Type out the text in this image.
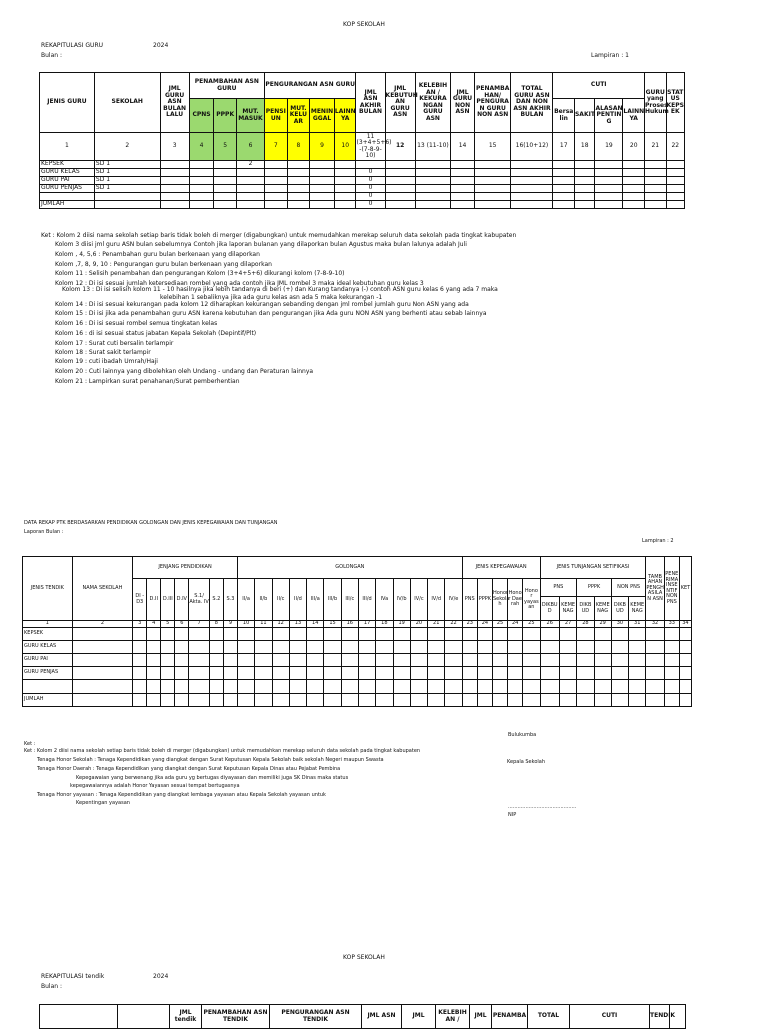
KOP SEKOLAH
REKAPITULASI GURU	2024
Bulan :	Lampiran : 1
JENIS GURU	SEKOLAH	JML GURU ASN BULAN LALU	PENAMBAHAN ASN GURU			PENGURANGAN ASN GURU				JML ASN AKHIR BULAN	JML KEBUTUH AN GURU ASN	KELEBIH AN / KEKURA NGAN GURU ASN	JML GURU NON ASN	PENAMBA HAN/ PENGURA N GURU NON ASN	TOTAL GURU ASN DAN NON ASN AKHIR BULAN	CUTI				GURU yang Proses Hukum	STAT US KEPS EK
			CPNS	PPPK	MUT. MASUK	PENSI UN	MUT. KELU AR	MENIN GGAL	LAINN YA							Bersa lin	SAKIT	ALASAN PENTIN G	LAINN YA		
1	2	3	4	5	6	7	8	9	10	11 (3+4+5+6) -(7-8-9-10)	12	13 (11-10)	14	15	16(10+12)	17	18	19	20	21	22
KEPSEK	SD 1				2																
GURU KELAS	SD 1									0											
GURU PAI	SD 1									0											
GURU PENJAS	SD 1									0											
										0											
JUMLAH										0											
Ket : Kolom 2 diisi nama sekolah setiap baris tidak boleh di merger (digabungkan) untuk memudahkan merekap seluruh data sekolah pada tingkat kabupaten
Kolom 3 diisi jml guru ASN bulan sebelumnya Contoh jika laporan bulanan yang dilaporkan bulan Agustus maka bulan lalunya adalah Juli
Kolom , 4, 5,6 : Penambahan guru bulan berkenaan yang dilaporkan
Kolom ,7, 8, 9, 10 : Pengurangan guru bulan berkenaan yang dilaporkan
Kolom 11 : Selisih penambahan dan pengurangan Kolom (3+4+5+6) dikurangi kolom (7-8-9-10)
Kolom 12 : Di isi sesuai jumlah ketersediaan rombel yang ada contoh jika JML rombel 3 maka ideal kebutuhan guru kelas 3
Kolom 13 : Di isi selisih kolom 11 - 10 hasilnya jika lebih tandanya di beri (+) dan Kurang tandanya (-) contoh ASN guru kelas 6 yang ada 7 maka
kelebihan 1 sebaliknya jika ada guru kelas asn ada 5 maka kekurangan -1
Kolom 14 : Di isi sesuai kekurangan pada kolom 12 diharapkan kekurangan sebanding dengan jml rombel jumlah guru Non ASN yang ada
Kolom 15 : Di isi jika ada penambahan guru ASN karena kebutuhan dan pengurangan jika Ada guru NON ASN yang berhenti atau sebab lainnya
Kolom 16 : Di isi sesuai rombel semua tingkatan kelas
Kolom 16 : di isi sesuai status jabatan Kepala Sekolah (Depintif/Plt)
Kolom 17 : Surat cuti bersalin terlampir
Kolom 18 : Surat sakit terlampir
Kolom 19 : cuti ibadah Umrah/Haji
Kolom 20 : Cuti lainnya yang dibolehkan oleh Undang - undang dan Peraturan lainnya
Kolom 21 : Lampirkan surat penahanan/Surat pemberhentian
DATA REKAP PTK BERDASARKAN PENDIDIKAN GOLONGAN DAN JENIS KEPEGAWAIAN DAN TUNJANGAN
Laporan Bulan :
Lampiran : 2
JENIS TENDIK	NAMA SEKOLAH	JENJANG PENDIDIKAN							GOLONGAN													JENIS KEPEGAWAIAN					JENIS TUNJANGAN SETIFIKASI						TAMB AHAN PENGH ASILA N ASN	PENE RIMA INSE NTIF NON PNS	KET
		DI - D3	D.II	D.III	D.IV	S.1/ Akta. IV	S.2	S.3	II/a	II/b	II/c	II/d	III/a	III/b	III/c	III/d	IVa	IV/b	IV/c	IV/d	IV/e	PNS	PPPK	Honor Sekola h	Hono r Dae rah	Hono r yayas an	PNS		PPPK		NON PNS				
																											DIKBU D	KEME NAG	DIKB UD	KEME NAG	DIKB UD	KEME NAG			
1	2	3	4	5	6	7	8	9	10	11	12	13	14	15	16	17	18	19	20	21	22	23	24	25	24	25	26	27	28	29	30	31	32	33	34
KEPSEK																																			
GURU KELAS																																			
GURU PAI																																			
GURU PENJAS																																			

JUMLAH																																			
Ket :
Ket : Kolom 2 diisi nama sekolah setiap baris tidak boleh di merger (digabungkan) untuk memudahkan merekap seluruh data sekolah pada tingkat kabupaten
Tenaga Honor Sekolah : Tenaga Kependidikan yang diangkat dengan Surat Keputusan Kepala Sekolah baik sekolah Negeri maupun Swasta
Tenaga Honor Daerah : Tenaga Kependidikan yang diangkat dengan Surat Keputusan Kepala Dinas atau Pejabat Pembina
Kepegawaian yang berwenang jika ada guru yg bertugas diyayasan dan memiliki juga SK Dinas maka status
kepegawaiannya adalah Honor Yayasan sesuai tempat bertugasnya
Tenaga Honor yayasan : Tenaga Kependidikan yang diangkat lembaga yayasan atau Kepala Sekolah yayasan untuk
Kepentingan yayasan
Bulukumba
Kepala Sekolah
...........................................
NIP
KOP SEKOLAH
REKAPITULASI tendik	2024
Bulan :
		JML tendik	PENAMBAHAN ASN TENDIK	PENGURANGAN ASN TENDIK	JML ASN	JML	KELEBIH AN /	JML	PENAMBA	TOTAL	CUTI	TENDIK	
